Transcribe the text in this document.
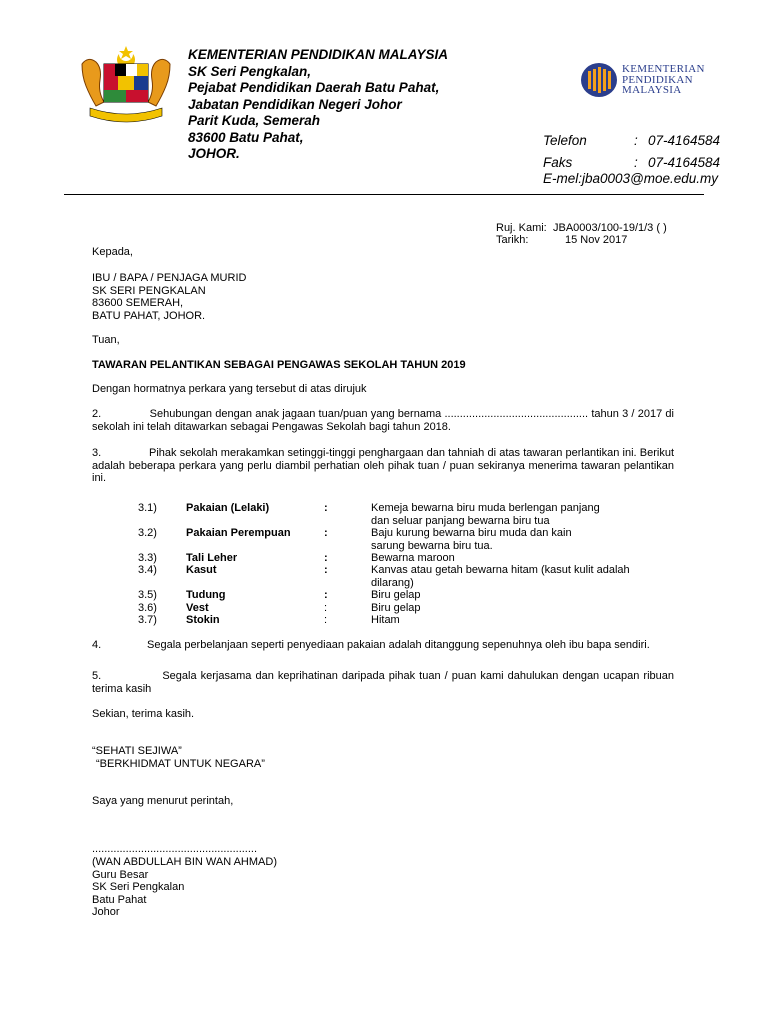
KEMENTERIAN PENDIDIKAN MALAYSIA
SK Seri Pengkalan,
Pejabat Pendidikan Daerah Batu Pahat,
Jabatan Pendidikan Negeri Johor
Parit Kuda, Semerah
83600 Batu Pahat,
JOHOR.
KEMENTERIAN
PENDIDIKAN
MALAYSIA
Telefon	: 07-4164584
Faks	: 07-4164584
E-mel:jba0003@moe.edu.my
Ruj. Kami: JBA0003/100-19/1/3 ( )
Tarikh:	15 Nov 2017
Kepada,
IBU / BAPA / PENJAGA MURID
SK SERI PENGKALAN
83600 SEMERAH,
BATU PAHAT, JOHOR.
Tuan,
TAWARAN PELANTIKAN SEBAGAI PENGAWAS SEKOLAH TAHUN 2019
Dengan hormatnya perkara yang tersebut di atas dirujuk
2.               Sehubungan dengan anak jagaan tuan/puan yang bernama ............................................... tahun 3 / 2017 di sekolah ini telah ditawarkan sebagai Pengawas Sekolah bagi tahun 2018.
3.               Pihak sekolah merakamkan setinggi-tinggi penghargaan dan tahniah di atas tawaran perlantikan ini. Berikut adalah beberapa perkara yang perlu diambil perhatian oleh pihak tuan / puan sekiranya menerima tawaran pelantikan ini.
3.1)	Pakaian (Lelaki)	:	Kemeja bewarna biru muda berlengan panjang
dan seluar panjang bewarna biru tua
3.2)	Pakaian Perempuan	:	Baju kurung bewarna biru muda dan kain
sarung bewarna biru tua.
3.3)	Tali Leher	:	Bewarna maroon
3.4)	Kasut	:	Kanvas atau getah bewarna hitam (kasut kulit adalah
dilarang)
3.5)	Tudung	:	Biru gelap
3.6)	Vest	:	Biru gelap
3.7)	Stokin	:	Hitam
4.               Segala perbelanjaan seperti penyediaan pakaian adalah ditanggung sepenuhnya oleh ibu bapa sendiri.
5.               Segala kerjasama dan keprihatinan daripada pihak tuan / puan kami dahulukan dengan ucapan ribuan terima kasih
Sekian, terima kasih.
“SEHATI SEJIWA”
“BERKHIDMAT UNTUK NEGARA”
Saya yang menurut perintah,
......................................................
(WAN ABDULLAH BIN WAN AHMAD)
Guru Besar
SK Seri Pengkalan
Batu Pahat
Johor
